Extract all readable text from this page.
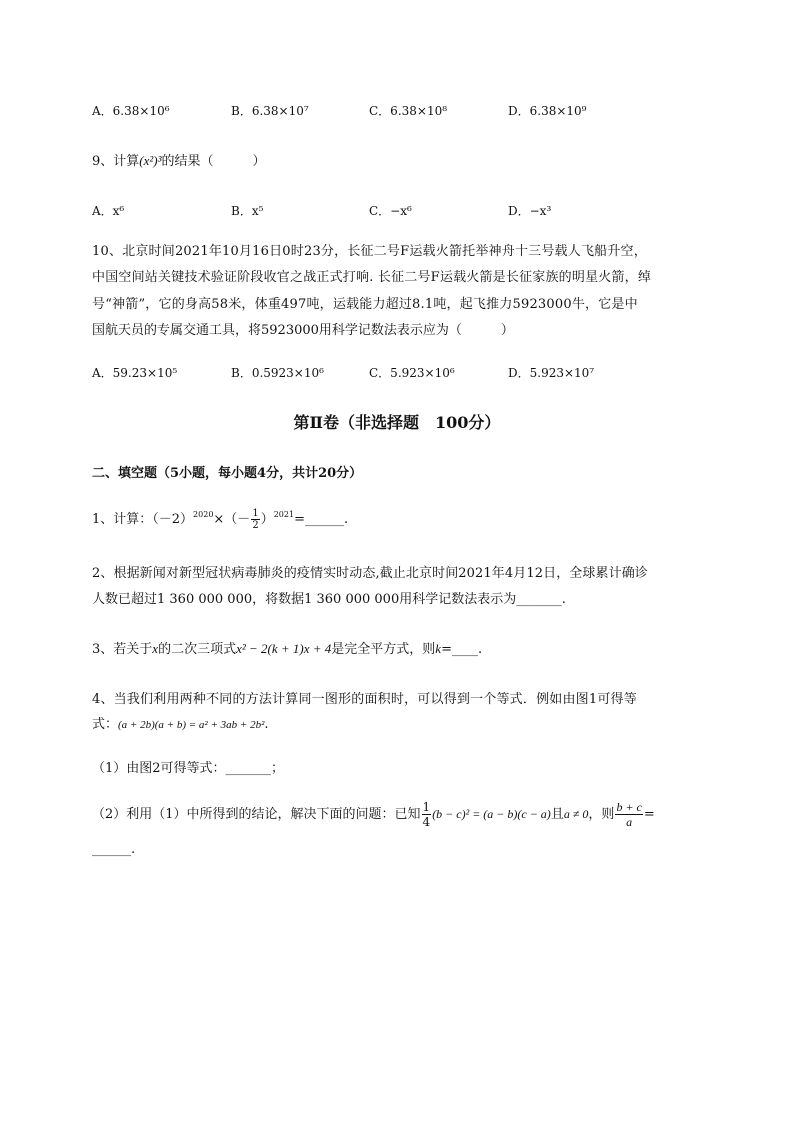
A．6.38×10⁶	B．6.38×10⁷	C．6.38×10⁸	D．6.38×10⁹
9、计算(x²)³的结果（　　　）
A．x⁶	B．x⁵	C．−x⁶	D．−x³
10、北京时间2021年10月16日0时23分，长征二号F运载火箭托举神舟十三号载人飞船升空，
中国空间站关键技术验证阶段收官之战正式打响. 长征二号F运载火箭是长征家族的明星火箭，绰
号“神箭”，它的身高58米，体重497吨，运载能力超过8.1吨，起飞推力5923000牛，它是中
国航天员的专属交通工具，将5923000用科学记数法表示应为（　　　）
A．59.23×10⁵	B．0.5923×10⁶	C．5.923×10⁶	D．5.923×10⁷
第Ⅱ卷（非选择题　100分）
二、填空题（5小题，每小题4分，共计20分）
1、计算：$(-2)^{2020}\times(- \frac{1}{2}$ ）$^{2021}=\_\_\_\_\_\_$.
2、根据新闻对新型冠状病毒肺炎的疫情实时动态,截止北京时间2021年4月12日，全球累计确诊
人数已超过1 360 000 000，将数据1 360 000 000用科学记数法表示为_______.
3、若关于x的二次三项式x² − 2(k + 1)x + 4是完全平方式，则k=____.
4、当我们利用两种不同的方法计算同一图形的面积时，可以得到一个等式．例如由图1可得等
式：(a + 2b)(a + b) = a² + 3ab + 2b².
（1）由图2可得等式：_______；
（2）利用（1）中所得到的结论，解决下面的问题：已知 $\frac{1}{4} (b - c)^2 = (a - b)(c - a)$且a ≠ 0，则 $\frac{b + c}{a}$ =
______.
